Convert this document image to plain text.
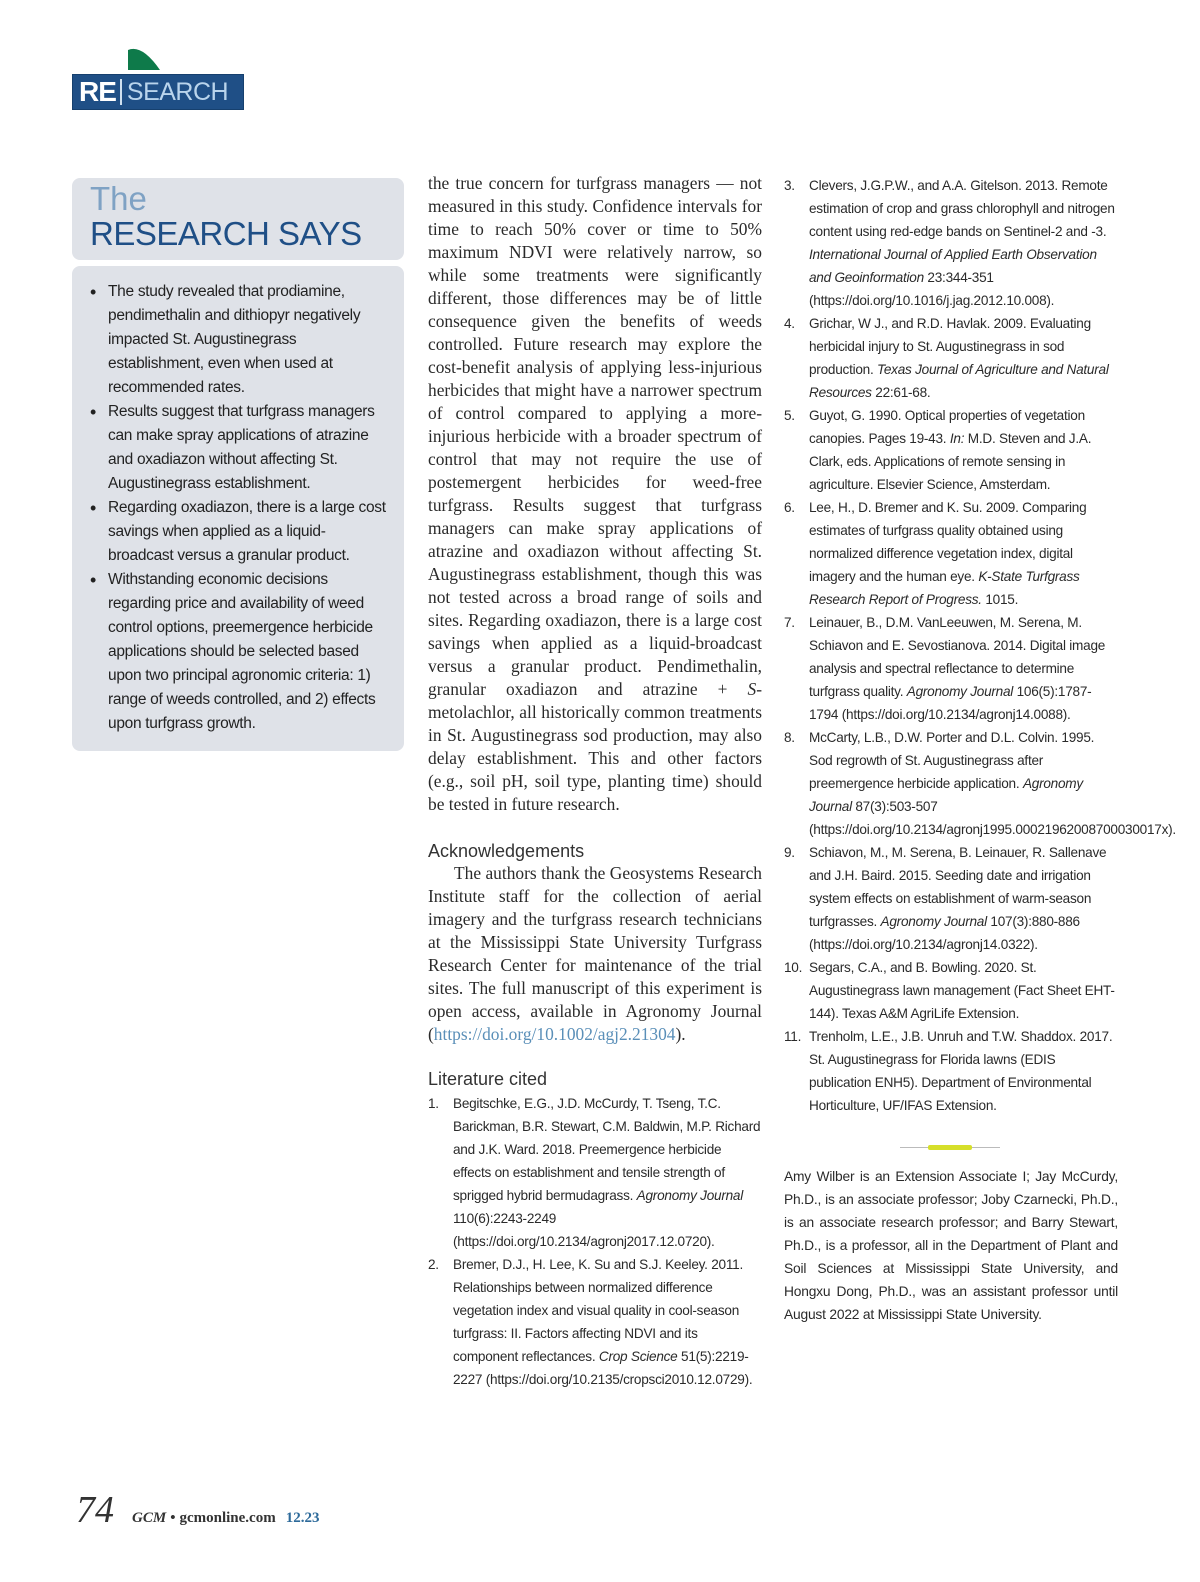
RE SEARCH
The
RESEARCH SAYS
• The study revealed that prodiamine, pendimethalin and dithiopyr negatively impacted St. Augustinegrass establishment, even when used at recommended rates.
• Results suggest that turfgrass managers can make spray applications of atrazine and oxadiazon without affecting St. Augustinegrass establishment.
• Regarding oxadiazon, there is a large cost savings when applied as a liquid-broadcast versus a granular product.
• Withstanding economic decisions regarding price and availability of weed control options, preemergence herbicide applications should be selected based upon two principal agronomic criteria: 1) range of weeds controlled, and 2) effects upon turfgrass growth.

the true concern for turfgrass managers — not measured in this study. Confidence intervals for time to reach 50% cover or time to 50% maximum NDVI were relatively narrow, so while some treatments were significantly different, those differences may be of little consequence given the benefits of weeds controlled. Future research may explore the cost-benefit analysis of applying less-injurious herbicides that might have a narrower spectrum of control compared to applying a more-injurious herbicide with a broader spectrum of control that may not require the use of postemergent herbicides for weed-free turfgrass. Results suggest that turfgrass managers can make spray applications of atrazine and oxadiazon without affecting St. Augustinegrass establishment, though this was not tested across a broad range of soils and sites. Regarding oxadiazon, there is a large cost savings when applied as a liquid-broadcast versus a granular product. Pendimethalin, granular oxadiazon and atrazine + S-metolachlor, all historically common treatments in St. Augustinegrass sod production, may also delay establishment. This and other factors (e.g., soil pH, soil type, planting time) should be tested in future research.

Acknowledgements

The authors thank the Geosystems Research Institute staff for the collection of aerial imagery and the turfgrass research technicians at the Mississippi State University Turfgrass Research Center for maintenance of the trial sites. The full manuscript of this experiment is open access, available in Agronomy Journal (https://doi.org/10.1002/agj2.21304).

Literature cited
1. Begitschke, E.G., J.D. McCurdy, T. Tseng, T.C. Barickman, B.R. Stewart, C.M. Baldwin, M.P. Richard and J.K. Ward. 2018. Preemergence herbicide effects on establishment and tensile strength of sprigged hybrid bermudagrass. Agronomy Journal 110(6):2243-2249 (https://doi.org/10.2134/agronj2017.12.0720).
2. Bremer, D.J., H. Lee, K. Su and S.J. Keeley. 2011. Relationships between normalized difference vegetation index and visual quality in cool-season turfgrass: II. Factors affecting NDVI and its component reflectances. Crop Science 51(5):2219-2227 (https://doi.org/10.2135/cropsci2010.12.0729).
3. Clevers, J.G.P.W., and A.A. Gitelson. 2013. Remote estimation of crop and grass chlorophyll and nitrogen content using red-edge bands on Sentinel-2 and -3. International Journal of Applied Earth Observation and Geoinformation 23:344-351 (https://doi.org/10.1016/j.jag.2012.10.008).
4. Grichar, W J., and R.D. Havlak. 2009. Evaluating herbicidal injury to St. Augustinegrass in sod production. Texas Journal of Agriculture and Natural Resources 22:61-68.
5. Guyot, G. 1990. Optical properties of vegetation canopies. Pages 19-43. In: M.D. Steven and J.A. Clark, eds. Applications of remote sensing in agriculture. Elsevier Science, Amsterdam.
6. Lee, H., D. Bremer and K. Su. 2009. Comparing estimates of turfgrass quality obtained using normalized difference vegetation index, digital imagery and the human eye. K-State Turfgrass Research Report of Progress. 1015.
7. Leinauer, B., D.M. VanLeeuwen, M. Serena, M. Schiavon and E. Sevostianova. 2014. Digital image analysis and spectral reflectance to determine turfgrass quality. Agronomy Journal 106(5):1787-1794 (https://doi.org/10.2134/agronj14.0088).
8. McCarty, L.B., D.W. Porter and D.L. Colvin. 1995. Sod regrowth of St. Augustinegrass after preemergence herbicide application. Agronomy Journal 87(3):503-507 (https://doi.org/10.2134/agronj1995.00021962008700030017x).
9. Schiavon, M., M. Serena, B. Leinauer, R. Sallenave and J.H. Baird. 2015. Seeding date and irrigation system effects on establishment of warm-season turfgrasses. Agronomy Journal 107(3):880-886 (https://doi.org/10.2134/agronj14.0322).
10. Segars, C.A., and B. Bowling. 2020. St. Augustinegrass lawn management (Fact Sheet EHT-144). Texas A&M AgriLife Extension.
11. Trenholm, L.E., J.B. Unruh and T.W. Shaddox. 2017. St. Augustinegrass for Florida lawns (EDIS publication ENH5). Department of Environmental Horticulture, UF/IFAS Extension.

Amy Wilber is an Extension Associate I; Jay McCurdy, Ph.D., is an associate professor; Joby Czarnecki, Ph.D., is an associate research professor; and Barry Stewart, Ph.D., is a professor, all in the Department of Plant and Soil Sciences at Mississippi State University, and Hongxu Dong, Ph.D., was an assistant professor until August 2022 at Mississippi State University.

74 GCM • gcmonline.com 12.23
